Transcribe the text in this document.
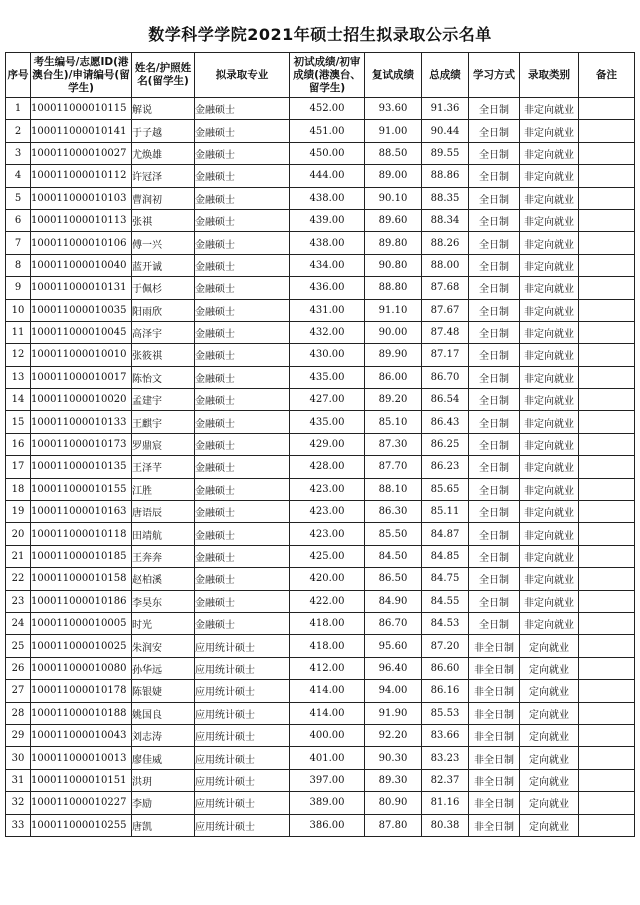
数学科学学院2021年硕士招生拟录取公示名单
序号	考生编号/志愿ID(港澳台生)/申请编号(留学生)	姓名/护照姓名(留学生)	拟录取专业	初试成绩/初审成绩(港澳台、留学生)	复试成绩	总成绩	学习方式	录取类别	备注
1	100011000010115	解说	金融硕士	452.00	93.60	91.36	全日制	非定向就业	
2	100011000010141	于子越	金融硕士	451.00	91.00	90.44	全日制	非定向就业	
3	100011000010027	尤焕雄	金融硕士	450.00	88.50	89.55	全日制	非定向就业	
4	100011000010112	许冠泽	金融硕士	444.00	89.00	88.86	全日制	非定向就业	
5	100011000010103	曹润初	金融硕士	438.00	90.10	88.35	全日制	非定向就业	
6	100011000010113	张祺	金融硕士	439.00	89.60	88.34	全日制	非定向就业	
7	100011000010106	傅一兴	金融硕士	438.00	89.80	88.26	全日制	非定向就业	
8	100011000010040	蓝开诚	金融硕士	434.00	90.80	88.00	全日制	非定向就业	
9	100011000010131	于佩杉	金融硕士	436.00	88.80	87.68	全日制	非定向就业	
10	100011000010035	阳雨欣	金融硕士	431.00	91.10	87.67	全日制	非定向就业	
11	100011000010045	高泽宇	金融硕士	432.00	90.00	87.48	全日制	非定向就业	
12	100011000010010	张筱祺	金融硕士	430.00	89.90	87.17	全日制	非定向就业	
13	100011000010017	陈怡文	金融硕士	435.00	86.00	86.70	全日制	非定向就业	
14	100011000010020	孟建宇	金融硕士	427.00	89.20	86.54	全日制	非定向就业	
15	100011000010133	王麒宇	金融硕士	435.00	85.10	86.43	全日制	非定向就业	
16	100011000010173	罗鼎宸	金融硕士	429.00	87.30	86.25	全日制	非定向就业	
17	100011000010135	王泽芊	金融硕士	428.00	87.70	86.23	全日制	非定向就业	
18	100011000010155	江胜	金融硕士	423.00	88.10	85.65	全日制	非定向就业	
19	100011000010163	唐语辰	金融硕士	423.00	86.30	85.11	全日制	非定向就业	
20	100011000010118	田靖航	金融硕士	423.00	85.50	84.87	全日制	非定向就业	
21	100011000010185	王奔奔	金融硕士	425.00	84.50	84.85	全日制	非定向就业	
22	100011000010158	赵柏溪	金融硕士	420.00	86.50	84.75	全日制	非定向就业	
23	100011000010186	李昊东	金融硕士	422.00	84.90	84.55	全日制	非定向就业	
24	100011000010005	时光	金融硕士	418.00	86.70	84.53	全日制	非定向就业	
25	100011000010025	朱润安	应用统计硕士	418.00	95.60	87.20	非全日制	定向就业	
26	100011000010080	孙华远	应用统计硕士	412.00	96.40	86.60	非全日制	定向就业	
27	100011000010178	陈银婕	应用统计硕士	414.00	94.00	86.16	非全日制	定向就业	
28	100011000010188	姚国良	应用统计硕士	414.00	91.90	85.53	非全日制	定向就业	
29	100011000010043	刘志涛	应用统计硕士	400.00	92.20	83.66	非全日制	定向就业	
30	100011000010013	廖佳威	应用统计硕士	401.00	90.30	83.23	非全日制	定向就业	
31	100011000010151	洪玥	应用统计硕士	397.00	89.30	82.37	非全日制	定向就业	
32	100011000010227	李励	应用统计硕士	389.00	80.90	81.16	非全日制	定向就业	
33	100011000010255	唐凯	应用统计硕士	386.00	87.80	80.38	非全日制	定向就业	
